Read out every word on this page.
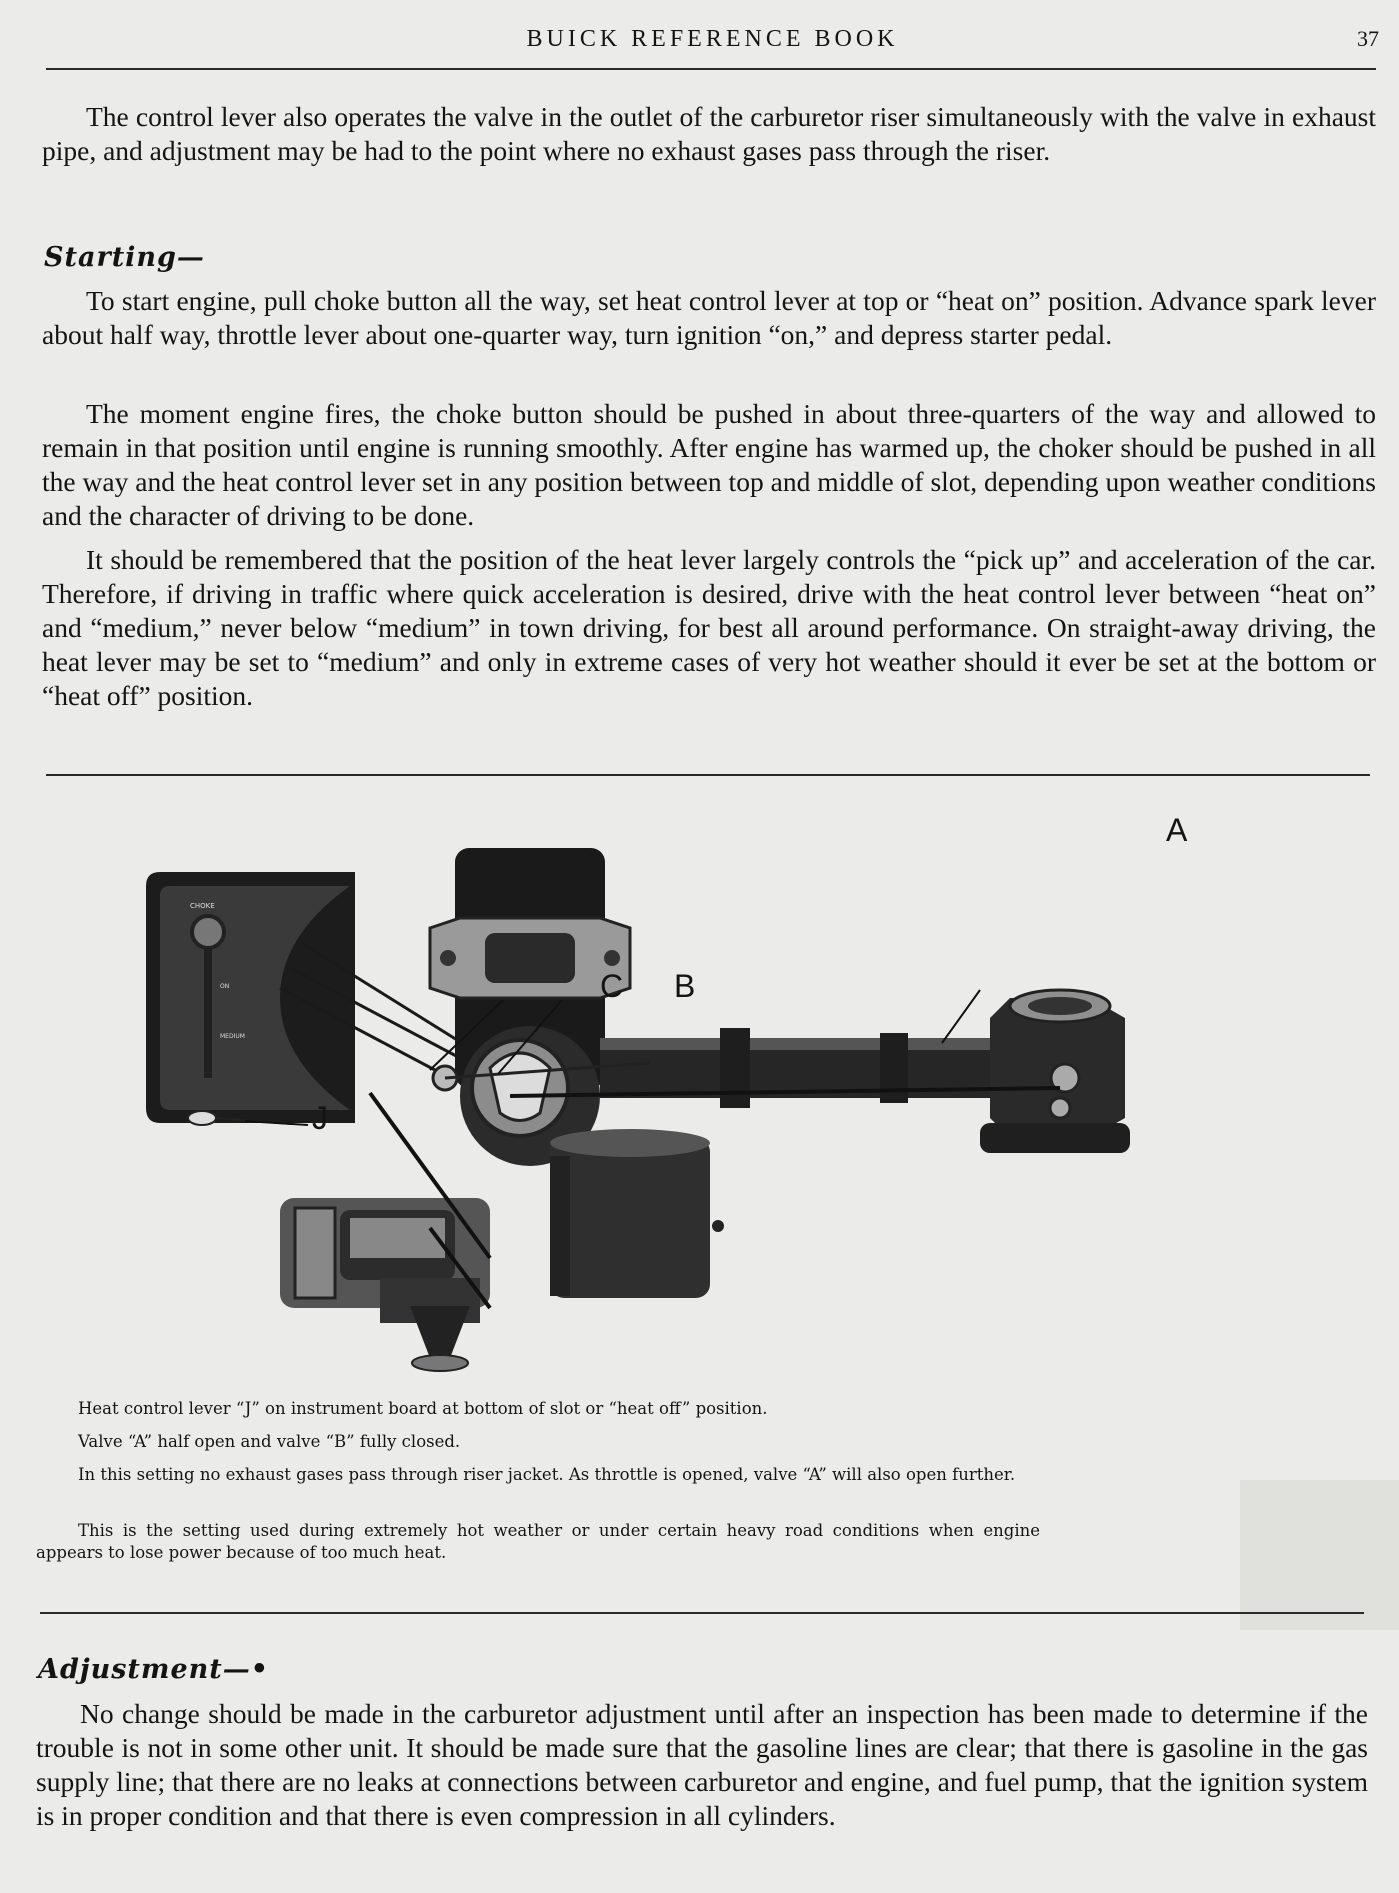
BUICK REFERENCE BOOK	37

The control lever also operates the valve in the outlet of the carburetor riser simultaneously with the valve in exhaust pipe, and adjustment may be had to the point where no exhaust gases pass through the riser.

Starting—

To start engine, pull choke button all the way, set heat control lever at top or “heat on” position. Advance spark lever about half way, throttle lever about one-quarter way, turn ignition “on,” and depress starter pedal.

The moment engine fires, the choke button should be pushed in about three-quarters of the way and allowed to remain in that position until engine is running smoothly. After engine has warmed up, the choker should be pushed in all the way and the heat control lever set in any position between top and middle of slot, depending upon weather conditions and the character of driving to be done.

It should be remembered that the position of the heat lever largely controls the “pick up” and acceleration of the car. Therefore, if driving in traffic where quick acceleration is desired, drive with the heat control lever between “heat on” and “medium,” never below “medium” in town driving, for best all around performance. On straight-away driving, the heat lever may be set to “medium” and only in extreme cases of very hot weather should it ever be set at the bottom or “heat off” position.

CHOKE
ON
MEDIUM
A
C B
J

Heat control lever “J” on instrument board at bottom of slot or “heat off” position.

Valve “A” half open and valve “B” fully closed.

In this setting no exhaust gases pass through riser jacket. As throttle is opened, valve “A” will also open further.

This is the setting used during extremely hot weather or under certain heavy road conditions when engine appears to lose power because of too much heat.

Adjustment—•

No change should be made in the carburetor adjustment until after an inspection has been made to determine if the trouble is not in some other unit. It should be made sure that the gasoline lines are clear; that there is gasoline in the gas supply line; that there are no leaks at connections between carburetor and engine, and fuel pump, that the ignition system is in proper condition and that there is even compression in all cylinders.
